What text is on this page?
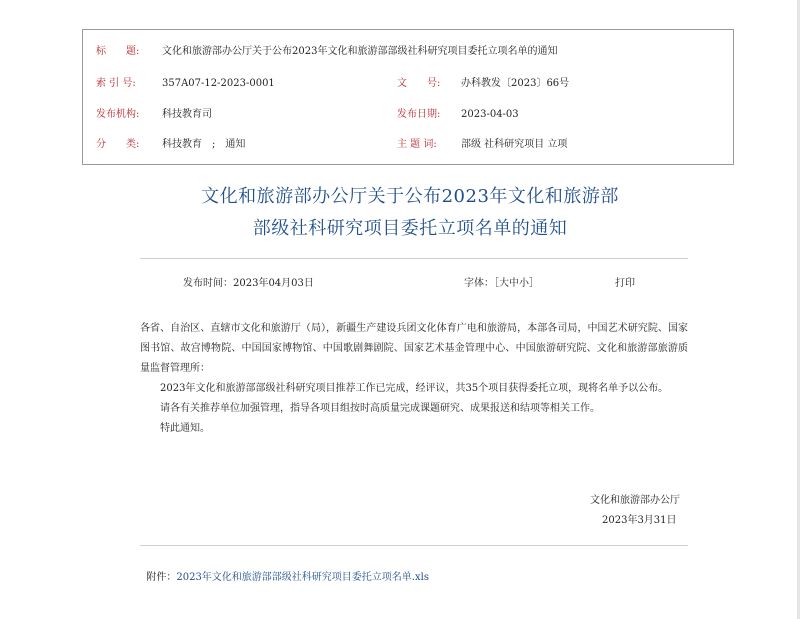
标　　题: 文化和旅游部办公厅关于公布2023年文化和旅游部部级社科研究项目委托立项名单的通知
索 引 号:	357A07-12-2023-0001	文　　号: 办科教发〔2023〕66号
发布机构: 科技教育司	发布日期: 2023-04-03
分　　类: 科技教育　;　通知	主 题 词: 部级 社科研究项目 立项
文化和旅游部办公厅关于公布2023年文化和旅游部
部级社科研究项目委托立项名单的通知
发布时间：2023年04月03日	字体：［大中小］	打印

各省、自治区、直辖市文化和旅游厅（局），新疆生产建设兵团文化体育广电和旅游局，本部各司局，中国艺术研究院、国家图书馆、故宫博物院、中国国家博物馆、中国歌剧舞剧院、国家艺术基金管理中心、中国旅游研究院、文化和旅游部旅游质量监督管理所：

2023年文化和旅游部部级社科研究项目推荐工作已完成，经评议，共35个项目获得委托立项，现将名单予以公布。

请各有关推荐单位加强管理，指导各项目组按时高质量完成课题研究、成果报送和结项等相关工作。

特此通知。

文化和旅游部办公厅
2023年3月31日

附件：2023年文化和旅游部部级社科研究项目委托立项名单.xls
